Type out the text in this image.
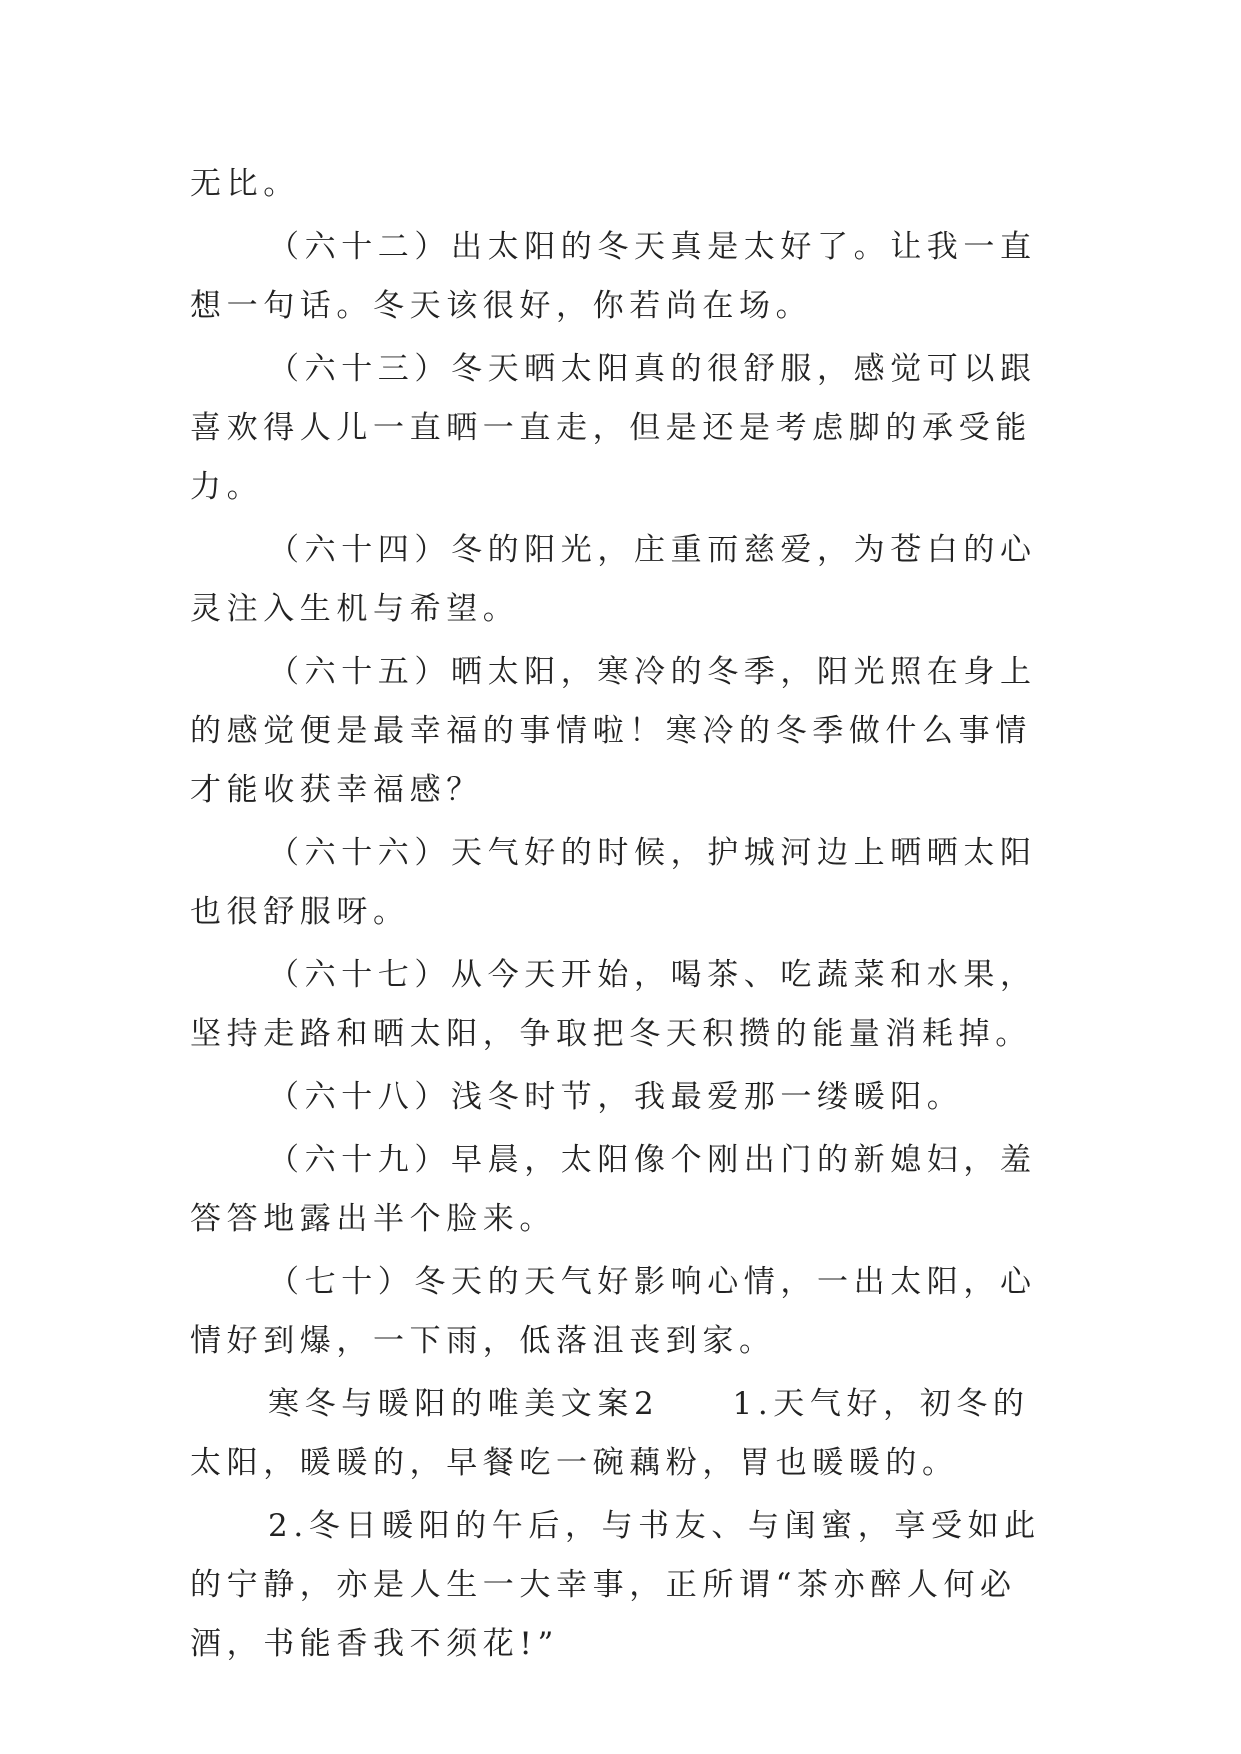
无比。

（六十二）出太阳的冬天真是太好了。让我一直想一句话。冬天该很好，你若尚在场。

（六十三）冬天晒太阳真的很舒服，感觉可以跟喜欢得人儿一直晒一直走，但是还是考虑脚的承受能力。

（六十四）冬的阳光，庄重而慈爱，为苍白的心灵注入生机与希望。

（六十五）晒太阳，寒冷的冬季，阳光照在身上的感觉便是最幸福的事情啦！寒冷的冬季做什么事情才能收获幸福感？

（六十六）天气好的时候，护城河边上晒晒太阳也很舒服呀。

（六十七）从今天开始，喝茶、吃蔬菜和水果，坚持走路和晒太阳，争取把冬天积攒的能量消耗掉。

（六十八）浅冬时节，我最爱那一缕暖阳。

（六十九）早晨，太阳像个刚出门的新媳妇，羞答答地露出半个脸来。

（七十）冬天的天气好影响心情，一出太阳，心情好到爆，一下雨，低落沮丧到家。

寒冬与暖阳的唯美文案2　　1.天气好，初冬的太阳，暖暖的，早餐吃一碗藕粉，胃也暖暖的。

2.冬日暖阳的午后，与书友、与闺蜜，享受如此的宁静，亦是人生一大幸事，正所谓“茶亦醉人何必酒，书能香我不须花!”
